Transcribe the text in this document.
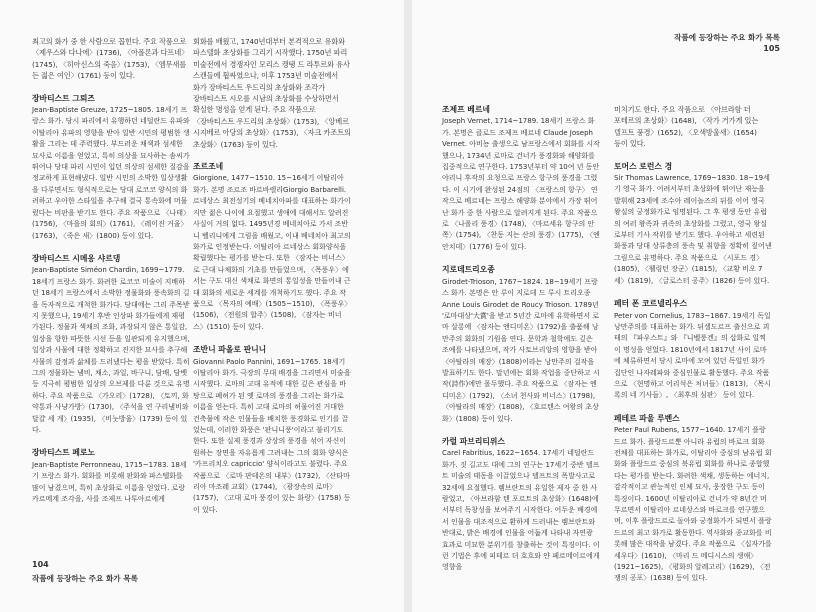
최고의 화가 중 한 사람으로 꼽힌다. 주요 작품으로 〈제우스와 다나에〉(1736), 〈아폴론과 다프네〉(1745), 〈히아신스의 죽음〉(1753), 〈엠무새를 든 젊은 여인〉(1761) 등이 있다.

장바티스트 그뢰즈

Jean-Baptiste Greuze, 1725~1805. 18세기 프랑스 화가. 당시 파리에서 유행하던 네덜란드 유파와 이탈리아 유파의 영향을 받아 일반 시민의 평범한 생활을 그리는 데 주력했다. 부드러운 채색과 섬세한 묘사로 이름을 얻었고, 특히 의상을 묘사하는 솜씨가 뛰어나 당대 파리 시민이 입던 의상의 섬세한 질감을 정교하게 표현해냈다. 일반 시민의 소박한 일상생활을 다루면서도 형식적으로는 당대 로코코 양식의 화려하고 우아한 스타일을 추구해 결국 통속화에 머물렀다는 비판을 받기도 한다. 주요 작품으로 〈나태〉(1756), 〈마을의 회의〉(1761), 〈레이진 거울〉(1763), 〈죽은 새〉(1800) 등이 있다.

장바티스트 시메옹 샤르댕

Jean-Baptiste Siméon Chardin, 1699~1779. 18세기 프랑스 화가. 화려한 로코코 미술이 지배하던 18세기 프랑스에서 소박한 정물화와 풍속화의 길을 독자적으로 개척한 화가다. 당대에는 그리 주목받지 못했으나, 19세기 후반 인상파 화가들에게 재평가된다. 정물과 색채의 조화, 과장되지 않은 통일감, 일상을 향한 따뜻한 시선 등을 일관되게 유지했으며, 일상과 사물에 대한 정확하고 진지한 묘사를 추구해 사물의 감정과 삶체를 드러냈다는 평을 받았다. 특히 그의 정물화는 냄비, 채소, 과일, 바구니, 담배, 담뱃등 지극히 평범한 일상의 오브제를 다룬 것으로 유명하다. 주요 작품으로 〈가오리〉(1728), 〈토끼, 화약통과 사냥가방〉(1730), 〈주석을 연 구리냄비와 달걀 세 개〉(1935), 〈비눗방울〉(1739) 등이 있다.

장바티스트 페로노

Jean-Baptiste Perronneau, 1715~1783. 18세기 프랑스 화가. 회화를 비롯해 판화와 파스텔화를 많이 남겼으며, 특히 초상화로 이름을 얻었다. 로랑 카르메계 조각을, 사를 조제프 나투아르에게

회화를 배웠고, 1740년대부터 본격적으로 유화와 파스텔화 초상화를 그리기 시작했다. 1750년 파리 미술전에서 경쟁자인 모리스 캥탱 드 라투르와 유사 스캔들에 휩싸였으나, 이후 1753년 미술전에서 화가 장바티스트 우드리의 초상화와 조각가 장바티스트 시오를 시남의 초상화를 수상하면서 확실한 명성을 얻게 된다. 주요 작품으로 〈장바티스트 우드리의 초상화〉(1753), 〈앙베르 시지베르 아당의 초상화〉(1753), 〈자크 카조트의 초상화〉(1763) 등이 있다.

조르조네

Giorgione, 1477~1510. 15~16세기 이탈리아 화가. 본명 조르조 바르바렐리Giorgio Barbarelli. 르네상스 최전성기의 베네치아파를 대표하는 화가이지만 젊은 나이에 요절했고 생애에 대해서도 알려진 사실이 거의 없다. 1495년경 베네치아로 가서 조반니 벨리니에게 그림을 배웠고, 이내 베네치아 최고의 화가로 인정받는다. 이탈리아 르네상스 회화양식을 확립했다는 평가를 받는다. 또한 〈잠자는 비너스〉로 근대 나체화의 기초를 만들었으며, 〈폭풍우〉에서는 구도 대신 색채로 화면의 통일성을 만들어내 근대 회화의 세로운 세계를 개척하기도 했다. 주요 작품으로 〈목자의 예배〉(1505~1510), 〈폭풍우〉(1506), 〈전원의 합주〉(1508), 〈잠자는 비너스〉(1510) 등이 있다.

조반니 파올로 판니니

Giovanni Paolo Pannini, 1691~1765. 18세기 이탈리아 화가. 극장의 무대 배경을 그리면서 미술을 시작했다. 로마의 고대 유적에 대한 깊은 관심을 바탕으로 폐허가 된 옛 로마의 풍경을 그리는 화가로 이름을 얻는다. 특히 고대 로마의 허물어진 거대한 건축물에 작은 인물들을 배치한 풍경화로 인기를 끌었는데, 이러한 화풍은 '판니니풍'이라고 불리기도 한다. 또한 실제 풍경과 상상의 풍경을 섞어 자신이 원하는 장면을 자유롭게 그려내는 그의 회화 양식은 '카프리치오 capriccio' 양식이라고도 불렸다. 주요 작품으로 〈로마 판테온의 내부〉(1732), 〈산타마리아 마조레 교회〉(1744), 〈광장속의 로마〉(1757), 〈고대 로마 풍경이 있는 화랑〉(1758) 등이 있다.

104
작품에 등장하는 주요 화가 목록
작품에 등장하는 주요 화가 목록
105

조제프 베르네

Joseph Vernet, 1714~1789. 18세기 프랑스 화가. 본명은 클로드 조제프 베르네 Claude Joseph Vernet. 아비뇽 출생으로 남프랑스에서 회화를 시작했으나, 1734년 로마로 건너가 풍경화와 해양화를 집중적으로 연구한다. 1753년부터 약 10여 년 동안 야리니 후작의 요청으로 프랑스 항구의 풍경을 그렸다. 이 시기에 완성된 24점의 〈프랑스의 항구〉 연작으로 베르네는 프랑스 해양화 분야에서 가장 뛰어난 화가 중 한 사람으로 알려지게 된다. 주요 작품으로 〈나폴리 풍경〉(1748), 〈마르세유 항구의 안쪽〉(1754), 〈찬동 지는 산의 풍경〉(1775), 〈엔안치데〉(1776) 등이 있다.

지로데트리오종

Girodet-Trioson, 1767~1824. 18~19세기 프랑스 화가. 본명은 안 루이 지로데 드 루시 트리오종Anne Louis Girodet de Roucy Trioson. 1789년 '로마대상'大賞'을 받고 5년간 로마에 유학하면서 로마 살롱에 〈잠자는 엔디미온〉(1792)을 출품해 낭만주의 회화의 기원을 연다. 문학과 철학에도 깊은 조예를 나타냈으며, 작가 사토브리앙의 영향을 받아 〈아탈라의 매장〉(1808)이라는 낭만주의 걸작을 발표하기도 한다. 말년에는 회화 작업을 중단하고 시작(詩作)에만 몰두했다. 주요 작품으로 〈잠자는 엔디미온〉(1792), 〈소녀 천사와 비너스〉(1798), 〈아탈라의 매장〉(1808), 〈호르텐스 여왕의 초상화〉(1808) 등이 있다.

카럴 파브리티위스

Carel Fabritius, 1622~1654. 17세기 네덜란드 화가. 짓 길고도 대에 그의 연구는 17세기 중반 델프트 미술의 태동을 이끌었으나 델프트의 폭발사고로 32세에 요절했다. 렘브란트의 유일한 제자 중 한 사람었고, 〈아브라함 텐 포르트의 초상화〉(1648)에서부터 독창성을 보여주기 시작한다. 어두운 배경에서 인물을 대조적으로 환하게 드러내는 렘브란트와 반대로, 밝은 배경에 인물을 어둡게 나타내 자연광 효과로 미묘한 분위기를 창출하는 것이 특징이다. 이런 기법은 후에 피테르 더 호흐와 얀 페르메이르에게 영향을

미치기도 한다. 주요 작품으로 〈아브라함 더 포테르의 초상화〉(1648), 〈작가 거가게 있는 델프트 풍경〉(1652), 〈오색방울새〉(1654) 등이 있다.

토머스 로런스 경

Sir Thomas Lawrence, 1769~1830. 18~19세기 영국 화가. 어려서부터 초상화에 뛰어난 재능을 발휘해 23세에 조수아 레이놀즈의 뒤를 이어 영국 왕실의 궁정화가로 임명된다. 그 후 평생 동안 유럽의 여러 왕족과 귀족의 초상화를 그렸고, 영국 왕실로부터 기사 작위를 받기도 했다. 우아하고 세련된 화풍과 당대 상류층의 풍속 및 취향을 정확히 짚어낸 그림으로 유명하다. 주요 작품으로 〈시포드 경〉(1805), 〈웰링턴 장군〉(1815), 〈교황 비오 7세〉(1819), 〈글로스터 공주〉(1826) 등이 있다.

페터 폰 코르넬리우스

Peter von Cornelius, 1783~1867. 19세기 독일 낭만주의를 대표하는 화가. 뒤셀도르프 출신으로 괴테의 『파우스트』와 『니벨룽겐』의 삽화로 일찍이 명성을 얻었다. 1810년에서 1817년 사이 로마에 체류하면서 당시 로마에 모여 있던 독일인 화가 집단인 나자레파와 중심인물로 활동했다. 주요 작품으로 〈현명하고 어리석은 처녀들〉(1813), 〈목시록의 네 기사들〉, 〈최후의 심판〉 등이 있다.

페테르 파울 루벤스

Peter Paul Rubens, 1577~1640. 17세기 플랑드르 화가. 플랑드르뿐 아니라 유럽의 바로크 회화 전체를 대표하는 화가로, 이탈리아 중심의 남유럽 회화와 플랑드르 중심의 북유럽 회화를 하나로 종합했다는 평가를 받는다. 화려한 색채, 생동하는 에너지, 감각적이고 관능적인 인체 묘사, 웅장한 구도 등이 특징이다. 1600년 이탈리아로 건너가 약 8년간 머무르면서 이탈리아 르네상스와 바로크를 연구했으며, 이후 플랑드르로 돌아와 궁정화가가 되면서 플랑드르의 최고 화가로 활동한다. 역사화와 종교화를 비롯해 많은 대작을 남겼다. 주요 작품으로 〈십자가를 세우다〉(1610), 〈마리 드 메디시스의 생애〉(1921~1625), 〈평화의 알레고리〉(1629), 〈전쟁의 공포〉(1638) 등이 있다.
